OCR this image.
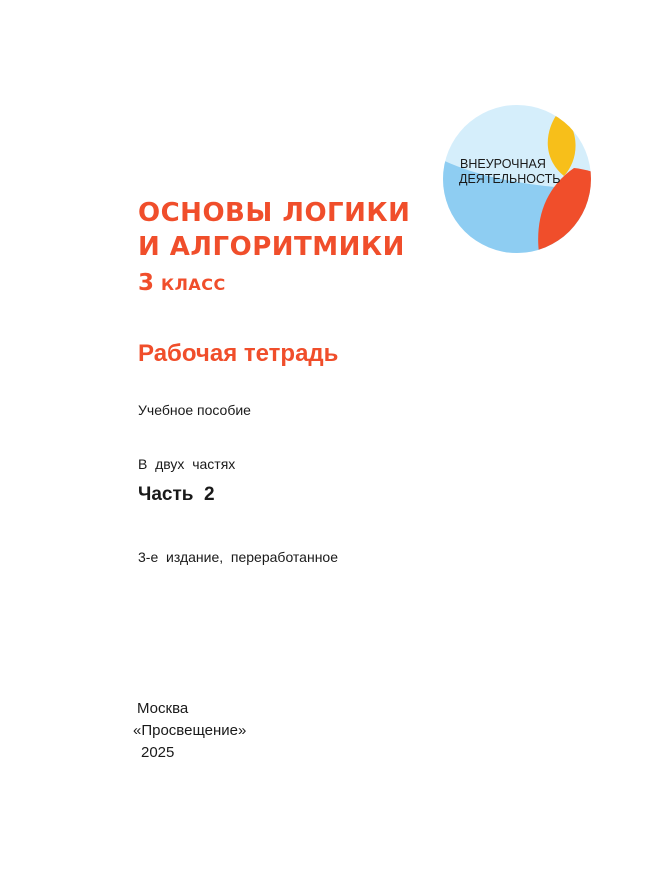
ВНЕУРОЧНАЯ
ДЕЯТЕЛЬНОСТЬ
ОСНОВЫ ЛОГИКИ
И АЛГОРИТМИКИ
3 КЛАСС
Рабочая тетрадь
Учебное пособие
В  двух  частях
Часть  2
3-е  издание,  переработанное
Москва
«Просвещение»
2025
